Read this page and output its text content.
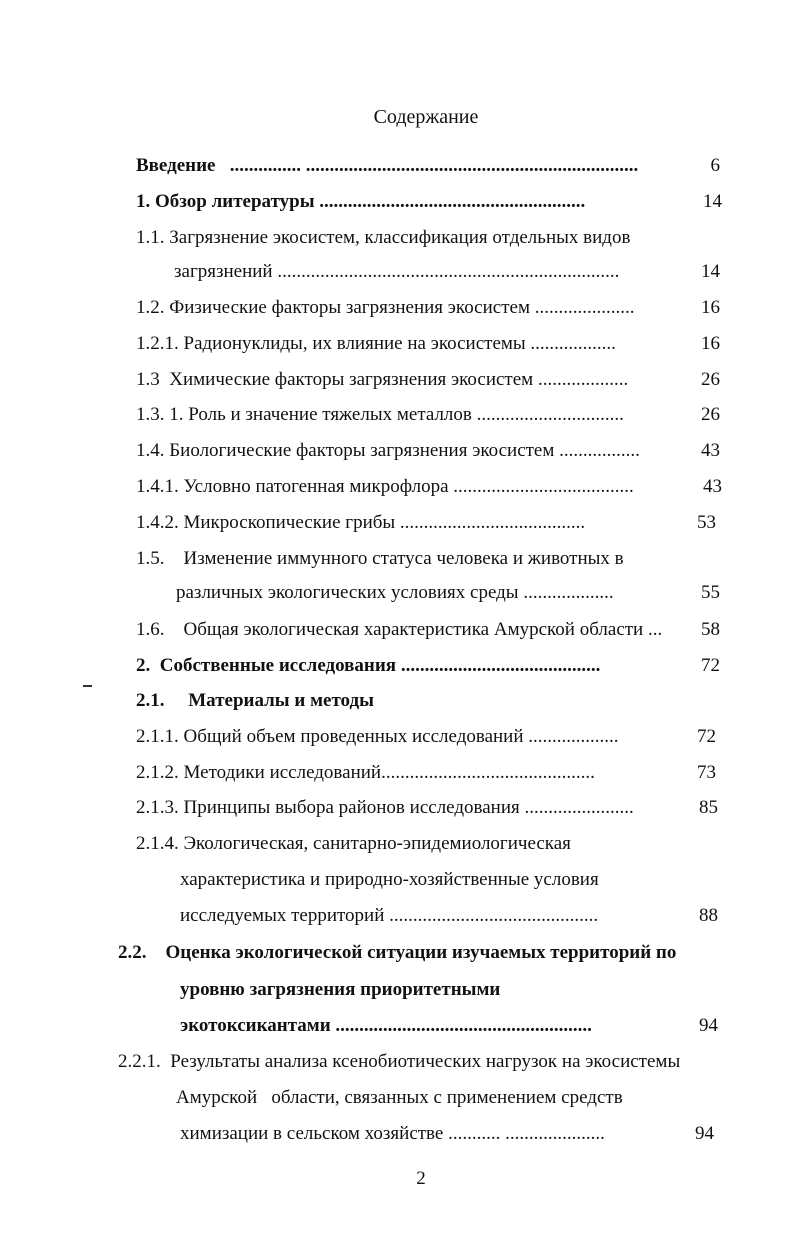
Содержание
Введение   ............... ......................................................................	6
1. Обзор литературы ........................................................	14
1.1. Загрязнение экосистем, классификация отдельных видов
загрязнений ........................................................................	14
1.2. Физические факторы загрязнения экосистем .....................	16
1.2.1. Радионуклиды, их влияние на экосистемы ..................	16
1.3  Химические факторы загрязнения экосистем ...................	26
1.3. 1. Роль и значение тяжелых металлов ...............................	26
1.4. Биологические факторы загрязнения экосистем .................	43
1.4.1. Условно патогенная микрофлора ......................................	43
1.4.2. Микроскопические грибы .......................................	53
1.5.    Изменение иммунного статуса человека и животных в
различных экологических условиях среды ...................	55
1.6.    Общая экологическая характеристика Амурской области ...	58
2.  Собственные исследования ..........................................	72
2.1.     Материалы и методы
2.1.1. Общий объем проведенных исследований ...................	72
2.1.2. Методики исследований.............................................	73
2.1.3. Принципы выбора районов исследования .......................	85
2.1.4. Экологическая, санитарно-эпидемиологическая
характеристика и природно-хозяйственные условия
исследуемых территорий ............................................	88
2.2.    Оценка экологической ситуации изучаемых территорий по
уровню загрязнения приоритетными
экотоксикантами ......................................................	94
2.2.1.  Результаты анализа ксенобиотических нагрузок на экосистемы
Амурской   области, связанных с применением средств
химизации в сельском хозяйстве ........... .....................	94
2
